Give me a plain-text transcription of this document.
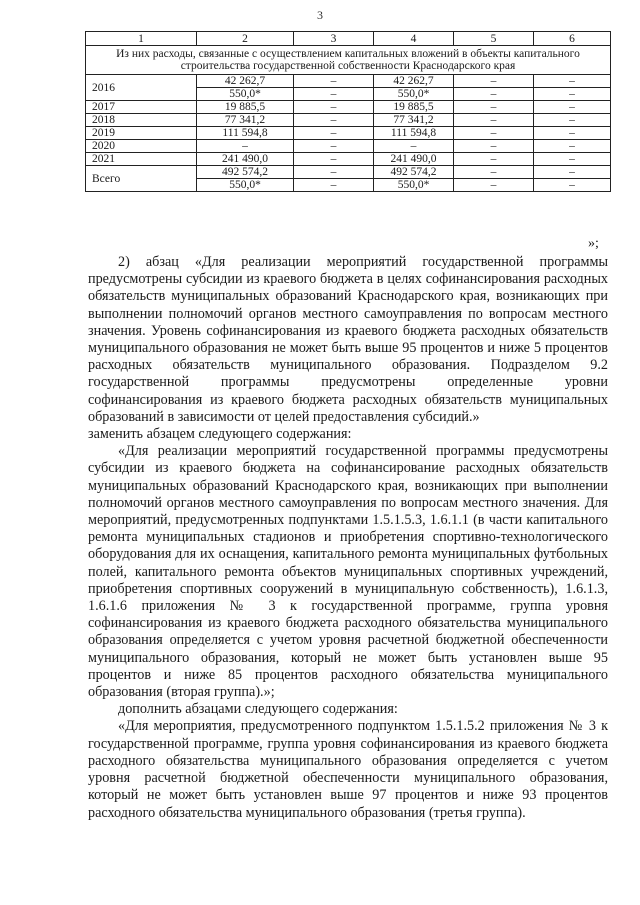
3
1	2	3	4	5	6
Из них расходы, связанные с осуществлением капитальных вложений в объекты капитального строительства государственной собственности Краснодарского края					
2016	42 262,7	–	42 262,7	–	–
	550,0*	–	550,0*	–	–
2017	19 885,5	–	19 885,5	–	–
2018	77 341,2	–	77 341,2	–	–
2019	111 594,8	–	111 594,8	–	–
2020	–	–	–	–	–
2021	241 490,0	–	241 490,0	–	–
Всего	492 574,2	–	492 574,2	–	–
	550,0*	–	550,0*	–	–
»;

2) абзац «Для реализации мероприятий государственной программы предусмотрены субсидии из краевого бюджета в целях софинансирования расходных обязательств муниципальных образований Краснодарского края, возникающих при выполнении полномочий органов местного самоуправления по вопросам местного значения. Уровень софинансирования из краевого бюджета расходных обязательств муниципального образования не может быть выше 95 процентов и ниже 5 процентов расходных обязательств муниципального образования. Подразделом 9.2 государственной программы предусмотрены определенные уровни софинансирования из краевого бюджета расходных обязательств муниципальных образований в зависимости от целей предоставления субсидий.»

заменить абзацем следующего содержания:

«Для реализации мероприятий государственной программы предусмотрены субсидии из краевого бюджета на софинансирование расходных обязательств муниципальных образований Краснодарского края, возникающих при выполнении полномочий органов местного самоуправления по вопросам местного значения. Для мероприятий, предусмотренных подпунктами 1.5.1.5.3, 1.6.1.1 (в части капитального ремонта муниципальных стадионов и приобретения спортивно-технологического оборудования для их оснащения, капитального ремонта муниципальных футбольных полей, капитального ремонта объектов муниципальных спортивных учреждений, приобретения спортивных сооружений в муниципальную собственность), 1.6.1.3, 1.6.1.6 приложения № 3 к государственной программе, группа уровня софинансирования из краевого бюджета расходного обязательства муниципального образования определяется с учетом уровня расчетной бюджетной обеспеченности муниципального образования, который не может быть установлен выше 95 процентов и ниже 85 процентов расходного обязательства муниципального образования (вторая группа).»;

дополнить абзацами следующего содержания:

«Для мероприятия, предусмотренного подпунктом 1.5.1.5.2 приложения № 3 к государственной программе, группа уровня софинансирования из краевого бюджета расходного обязательства муниципального образования определяется с учетом уровня расчетной бюджетной обеспеченности муниципального образования, который не может быть установлен выше 97 процентов и ниже 93 процентов расходного обязательства муниципального образования (третья группа).
